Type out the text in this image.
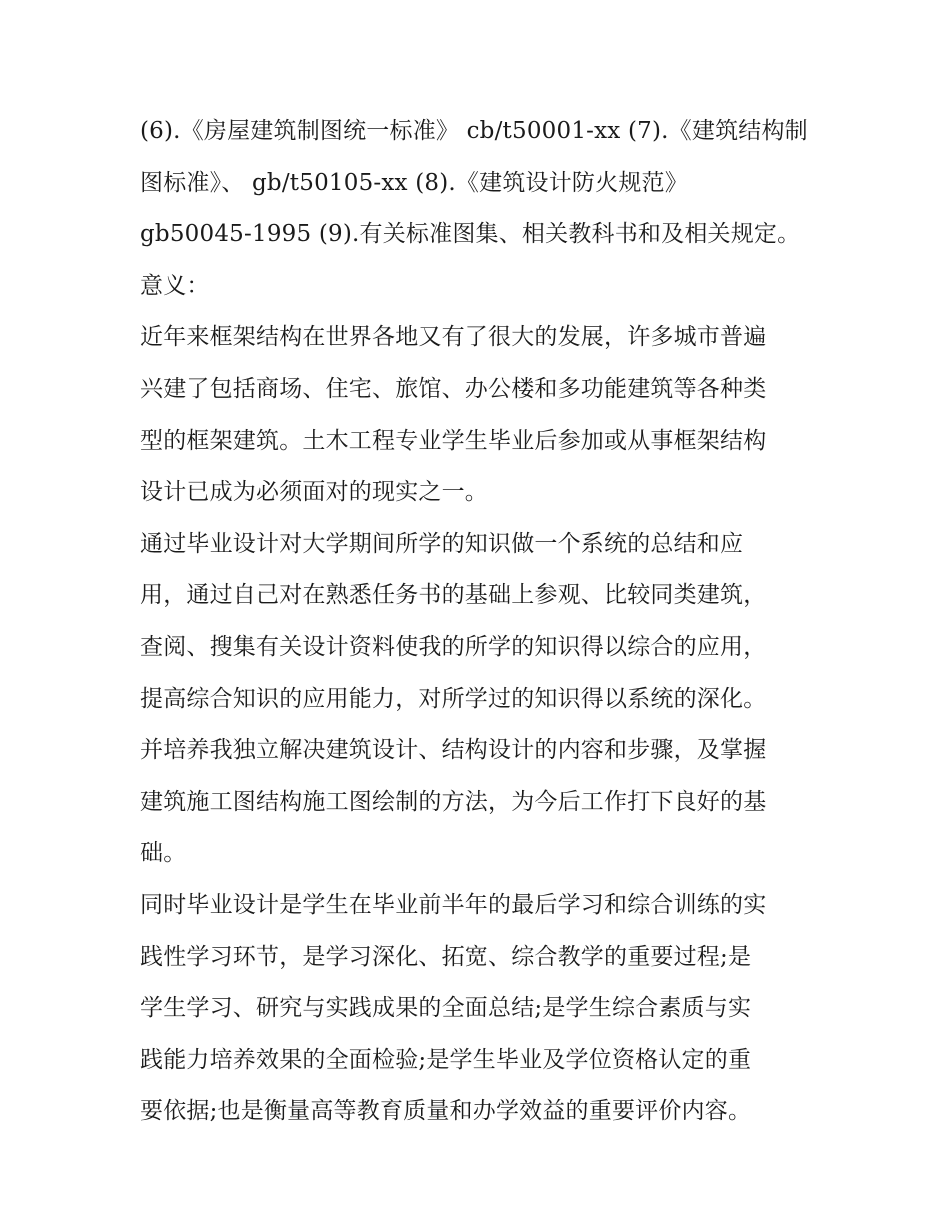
(6).《房屋建筑制图统一标准》 cb/t50001-xx (7).《建筑结构制
图标准》、 gb/t50105-xx (8).《建筑设计防火规范》
gb50045-1995 (9).有关标准图集、相关教科书和及相关规定。
意义：
近年来框架结构在世界各地又有了很大的发展，许多城市普遍
兴建了包括商场、住宅、旅馆、办公楼和多功能建筑等各种类
型的框架建筑。土木工程专业学生毕业后参加或从事框架结构
设计已成为必须面对的现实之一。
通过毕业设计对大学期间所学的知识做一个系统的总结和应
用，通过自己对在熟悉任务书的基础上参观、比较同类建筑，
查阅、搜集有关设计资料使我的所学的知识得以综合的应用，
提高综合知识的应用能力，对所学过的知识得以系统的深化。
并培养我独立解决建筑设计、结构设计的内容和步骤，及掌握
建筑施工图结构施工图绘制的方法，为今后工作打下良好的基
础。
同时毕业设计是学生在毕业前半年的最后学习和综合训练的实
践性学习环节，是学习深化、拓宽、综合教学的重要过程;是
学生学习、研究与实践成果的全面总结;是学生综合素质与实
践能力培养效果的全面检验;是学生毕业及学位资格认定的重
要依据;也是衡量高等教育质量和办学效益的重要评价内容。
